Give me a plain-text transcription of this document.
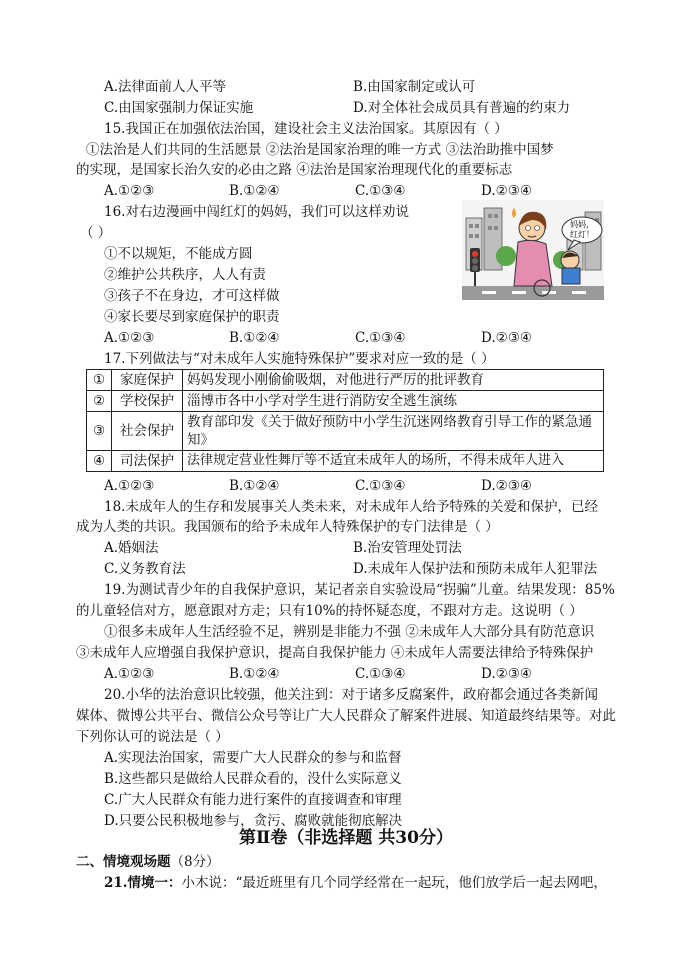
A.法律面前人人平等	B.由国家制定或认可
C.由国家强制力保证实施	D.对全体社会成员具有普遍的约束力
15.我国正在加强依法治国，建设社会主义法治国家。其原因有（ ）
①法治是人们共同的生活愿景 ②法治是国家治理的唯一方式 ③法治助推中国梦
的实现，是国家长治久安的必由之路 ④法治是国家治理现代化的重要标志
A.①②③	B.①②④	C.①③④	D.②③④
16.对右边漫画中闯红灯的妈妈，我们可以这样劝说
（ ）
①不以规矩，不能成方圆
②维护公共秩序，人人有责
③孩子不在身边，才可这样做
④家长要尽到家庭保护的职责
A.①②③	B.①②④	C.①③④	D.②③④
妈妈，
红灯！
17.下列做法与“对未成年人实施特殊保护”要求对应一致的是（ ）
①	家庭保护	妈妈发现小刚偷偷吸烟，对他进行严厉的批评教育
②	学校保护	淄博市各中小学对学生进行消防安全逃生演练
③	社会保护	教育部印发《关于做好预防中小学生沉迷网络教育引导工作的紧急通知》
④	司法保护	法律规定营业性舞厅等不适宜未成年人的场所，不得未成年人进入
A.①②③	B.①②④	C.①③④	D.②③④
18.未成年人的生存和发展事关人类未来，对未成年人给予特殊的关爱和保护，已经
成为人类的共识。我国颁布的给予未成年人特殊保护的专门法律是（ ）
A.婚姻法	B.治安管理处罚法
C.义务教育法	D.未成年人保护法和预防未成年人犯罪法
19.为测试青少年的自我保护意识，某记者亲自实验设局“拐骗”儿童。结果发现：85%
的儿童轻信对方，愿意跟对方走；只有10%的持怀疑态度，不跟对方走。这说明（ ）
①很多未成年人生活经验不足，辨别是非能力不强 ②未成年人大部分具有防范意识
③未成年人应增强自我保护意识，提高自我保护能力 ④未成年人需要法律给予特殊保护
A.①②③	B.①②④	C.①③④	D.②③④
20.小华的法治意识比较强，他关注到：对于诸多反腐案件，政府都会通过各类新闻
媒体、微博公共平台、微信公众号等让广大人民群众了解案件进展、知道最终结果等。对此
下列你认可的说法是（ ）
A.实现法治国家，需要广大人民群众的参与和监督
B.这些都只是做给人民群众看的，没什么实际意义
C.广大人民群众有能力进行案件的直接调查和审理
D.只要公民积极地参与，贪污、腐败就能彻底解决
第Ⅱ卷（非选择题 共30分）
二、情境观场题（8分）
21.情境一：小木说：“最近班里有几个同学经常在一起玩，他们放学后一起去网吧，
